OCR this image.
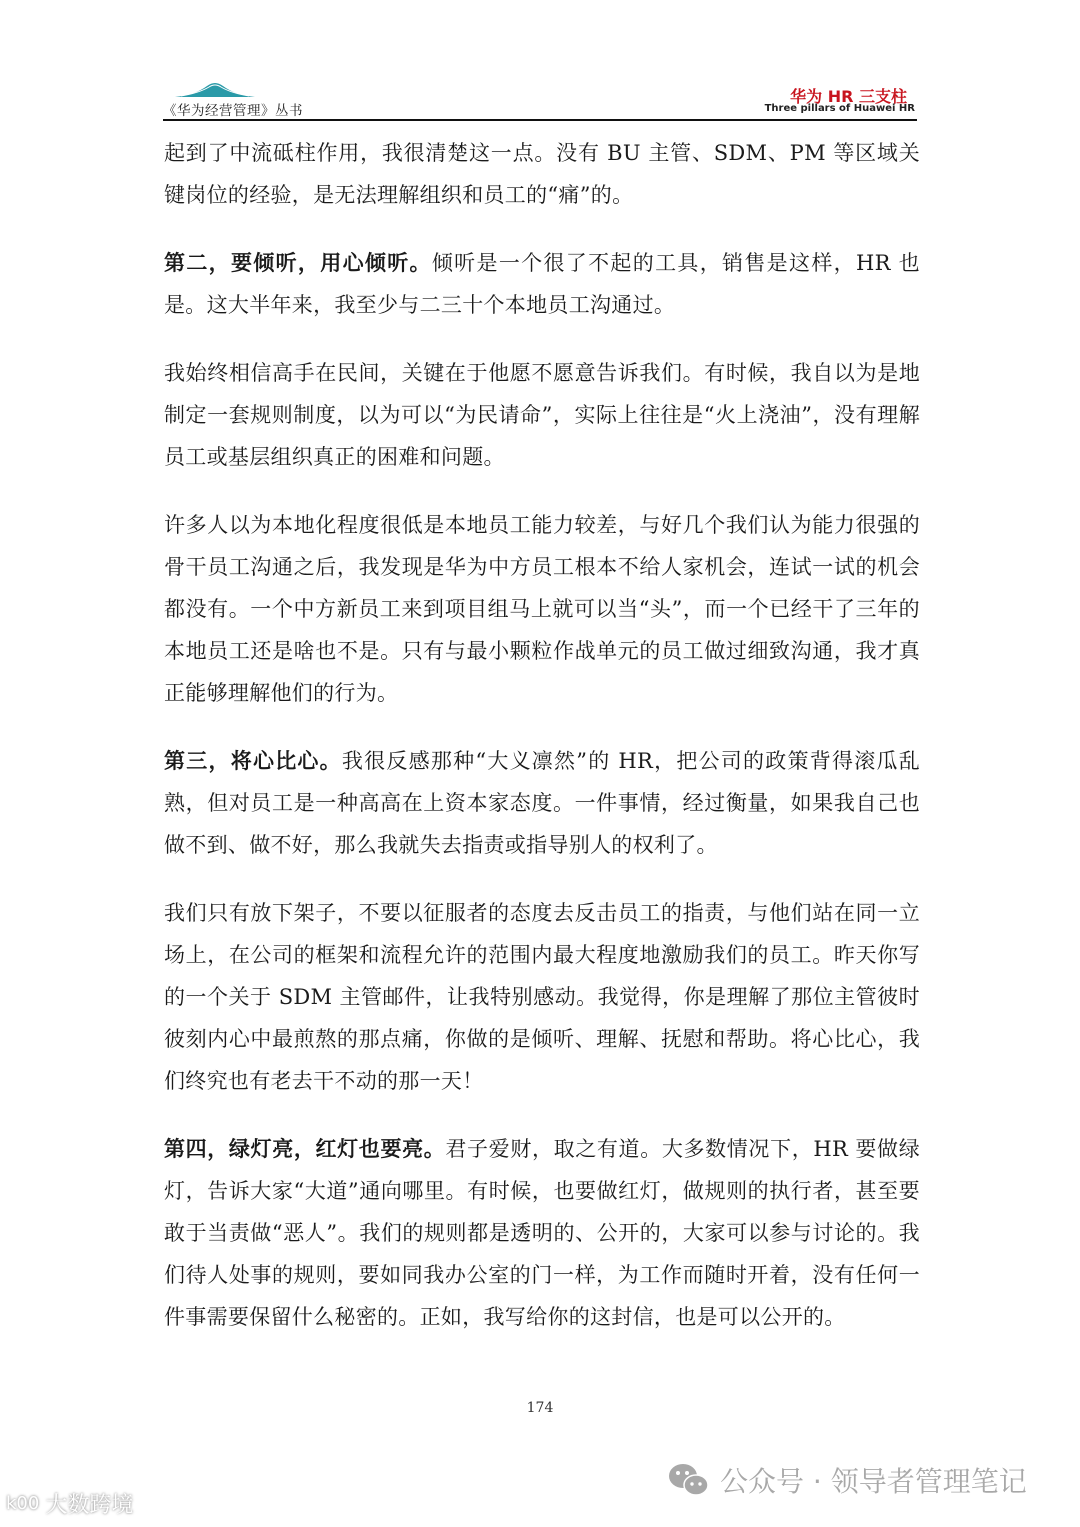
《华为经营管理》丛书
华为 HR 三支柱
Three pillars of Huawei HR

起到了中流砥柱作用，我很清楚这一点。没有 BU 主管、SDM、PM 等区域关键岗位的经验，是无法理解组织和员工的“痛”的。

第二，要倾听，用心倾听。倾听是一个很了不起的工具，销售是这样，HR 也是。这大半年来，我至少与二三十个本地员工沟通过。

我始终相信高手在民间，关键在于他愿不愿意告诉我们。有时候，我自以为是地制定一套规则制度，以为可以“为民请命”，实际上往往是“火上浇油”，没有理解员工或基层组织真正的困难和问题。

许多人以为本地化程度很低是本地员工能力较差，与好几个我们认为能力很强的骨干员工沟通之后，我发现是华为中方员工根本不给人家机会，连试一试的机会都没有。一个中方新员工来到项目组马上就可以当“头”，而一个已经干了三年的本地员工还是啥也不是。只有与最小颗粒作战单元的员工做过细致沟通，我才真正能够理解他们的行为。

第三，将心比心。我很反感那种“大义凛然”的 HR，把公司的政策背得滚瓜乱熟，但对员工是一种高高在上资本家态度。一件事情，经过衡量，如果我自己也做不到、做不好，那么我就失去指责或指导别人的权利了。

我们只有放下架子，不要以征服者的态度去反击员工的指责，与他们站在同一立场上，在公司的框架和流程允许的范围内最大程度地激励我们的员工。昨天你写的一个关于 SDM 主管邮件，让我特别感动。我觉得，你是理解了那位主管彼时彼刻内心中最煎熬的那点痛，你做的是倾听、理解、抚慰和帮助。将心比心，我们终究也有老去干不动的那一天！

第四，绿灯亮，红灯也要亮。君子爱财，取之有道。大多数情况下，HR 要做绿灯，告诉大家“大道”通向哪里。有时候，也要做红灯，做规则的执行者，甚至要敢于当责做“恶人”。我们的规则都是透明的、公开的，大家可以参与讨论的。我们待人处事的规则，要如同我办公室的门一样，为工作而随时开着，没有任何一件事需要保留什么秘密的。正如，我写给你的这封信，也是可以公开的。

174
公众号 · 领导者管理笔记
k00 大数跨境
